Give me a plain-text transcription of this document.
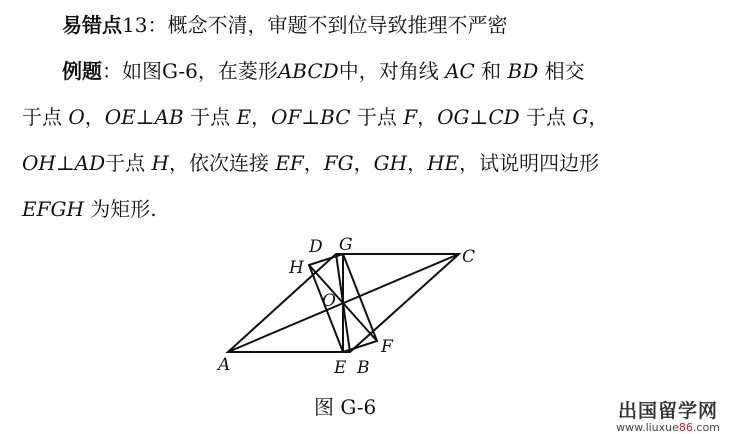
易错点13：概念不清，审题不到位导致推理不严密
例题：如图G-6，在菱形ABCD中，对角线 AC 和 BD 相交
于点 O，OE⊥AB 于点 E，OF⊥BC 于点 F，OG⊥CD 于点 G，
OH⊥AD于点 H，依次连接 EF，FG，GH，HE，试说明四边形
EFGH 为矩形.
A	B
C
D
E
F
G
H
O
图 G-6	出国留学网
www.liuxue86.com
